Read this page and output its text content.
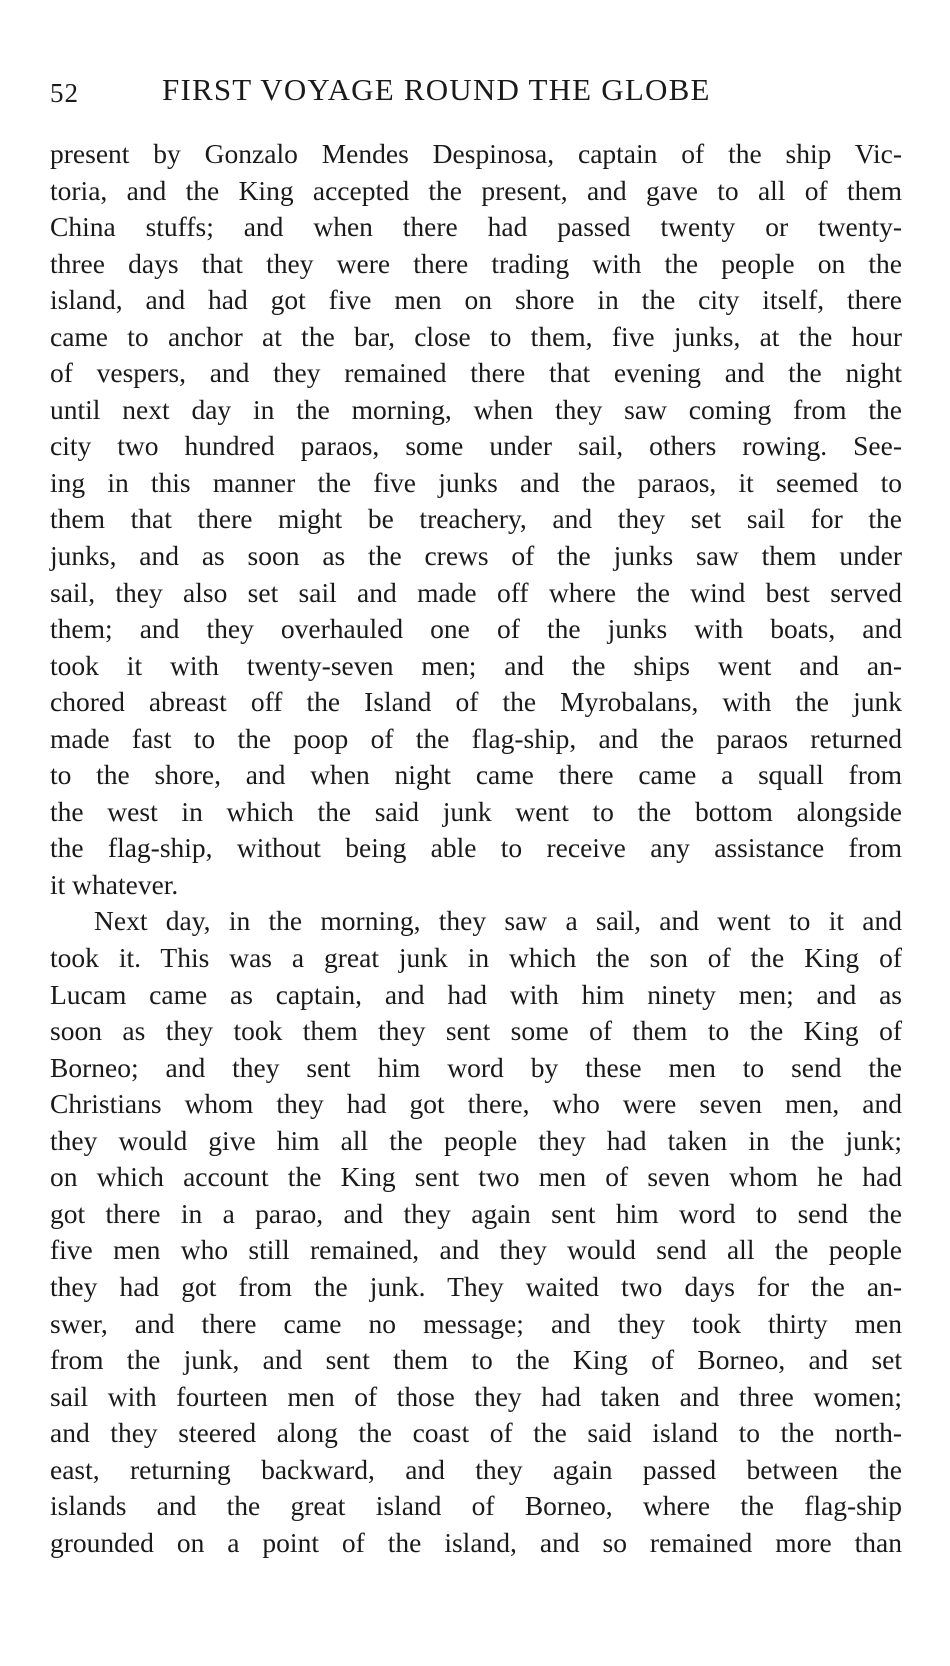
52	FIRST VOYAGE ROUND THE GLOBE
present by Gonzalo Mendes Despinosa, captain of the ship Vic-
toria, and the King accepted the present, and gave to all of them
China stuffs; and when there had passed twenty or twenty-
three days that they were there trading with the people on the
island, and had got five men on shore in the city itself, there
came to anchor at the bar, close to them, five junks, at the hour
of vespers, and they remained there that evening and the night
until next day in the morning, when they saw coming from the
city two hundred paraos, some under sail, others rowing. See-
ing in this manner the five junks and the paraos, it seemed to
them that there might be treachery, and they set sail for the
junks, and as soon as the crews of the junks saw them under
sail, they also set sail and made off where the wind best served
them; and they overhauled one of the junks with boats, and
took it with twenty-seven men; and the ships went and an-
chored abreast off the Island of the Myrobalans, with the junk
made fast to the poop of the flag-ship, and the paraos returned
to the shore, and when night came there came a squall from
the west in which the said junk went to the bottom alongside
the flag-ship, without being able to receive any assistance from
it whatever.
Next day, in the morning, they saw a sail, and went to it and
took it. This was a great junk in which the son of the King of
Lucam came as captain, and had with him ninety men; and as
soon as they took them they sent some of them to the King of
Borneo; and they sent him word by these men to send the
Christians whom they had got there, who were seven men, and
they would give him all the people they had taken in the junk;
on which account the King sent two men of seven whom he had
got there in a parao, and they again sent him word to send the
five men who still remained, and they would send all the people
they had got from the junk. They waited two days for the an-
swer, and there came no message; and they took thirty men
from the junk, and sent them to the King of Borneo, and set
sail with fourteen men of those they had taken and three women;
and they steered along the coast of the said island to the north-
east, returning backward, and they again passed between the
islands and the great island of Borneo, where the flag-ship
grounded on a point of the island, and so remained more than
